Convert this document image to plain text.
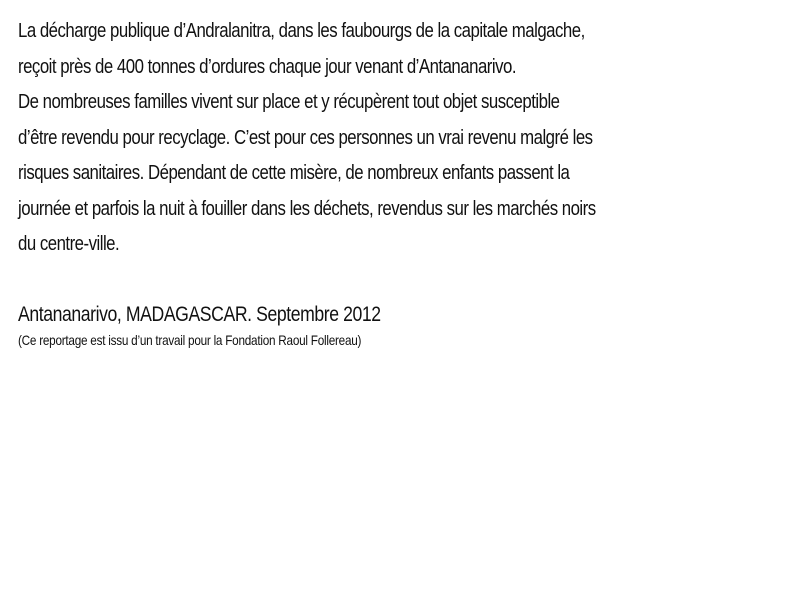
La décharge publique d’Andralanitra, dans les faubourgs de la capitale malgache,
reçoit près de 400 tonnes d’ordures chaque jour venant d’Antananarivo.
De nombreuses familles vivent sur place et y récupèrent tout objet susceptible
d’être revendu pour recyclage. C’est pour ces personnes un vrai revenu malgré les
risques sanitaires. Dépendant de cette misère, de nombreux enfants passent la
journée et parfois la nuit à fouiller dans les déchets, revendus sur les marchés noirs
du centre-ville.
Antananarivo, MADAGASCAR. Septembre 2012
(Ce reportage est issu d’un travail pour la Fondation Raoul Follereau)
